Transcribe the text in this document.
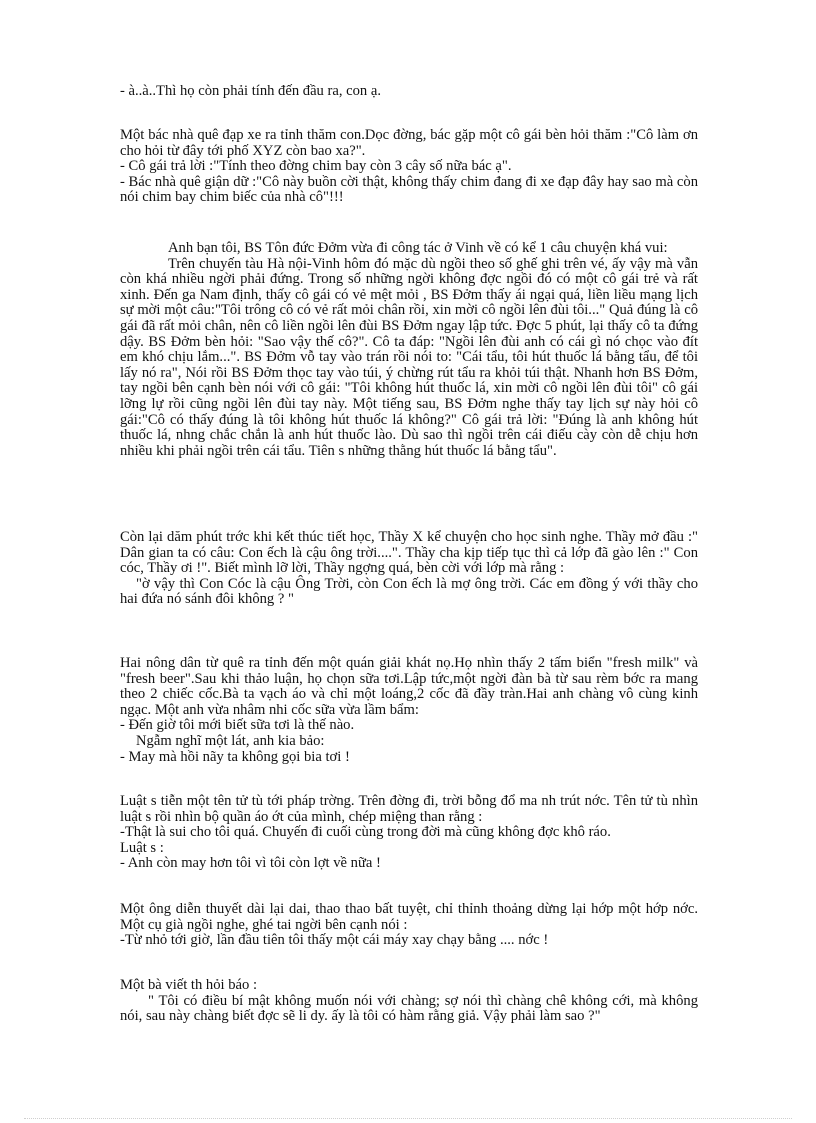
- à..à..Thì họ còn phải tính đến đầu ra, con ạ.

Một bác nhà quê đạp xe ra tỉnh thăm con.Dọc đờng, bác gặp một cô gái bèn hỏi thăm :"Cô làm ơn cho hỏi từ đây tới phố XYZ còn bao xa?".

- Cô gái trả lời :"Tính theo đờng chim bay còn 3 cây số nữa bác ạ".

- Bác nhà quê giận dữ :"Cô này buồn cời thật, không thấy chim đang đi xe đạp đây hay sao mà còn nói chim bay chim biếc của nhà cô"!!!

Anh bạn tôi, BS Tôn đức Đởm vừa đi công tác ở Vinh về có kể 1 câu chuyện khá vui:

Trên chuyến tàu Hà nội-Vinh hôm đó mặc dù ngồi theo số ghế ghi trên vé, ấy vậy mà vẫn còn khá nhiều ngời phải đứng. Trong số những ngời không đợc ngồi đó có một cô gái trẻ và rất xinh. Đến ga Nam định, thấy cô gái có vẻ mệt mỏi , BS Đởm thấy ái ngại quá, liền liều mạng lịch sự mời một câu:"Tôi trông cô có vẻ rất mỏi chân rồi, xin mời cô ngồi lên đùi tôi..." Quả đúng là cô gái đã rất mỏi chân, nên cô liền ngồi lên đùi BS Đởm ngay lập tức. Đợc 5 phút, lại thấy cô ta đứng dậy. BS Đởm bèn hỏi: "Sao vậy thế cô?". Cô ta đáp: "Ngồi lên đùi anh có cái gì nó chọc vào đít em khó chịu lắm...". BS Đởm vỗ tay vào trán rồi nói to: "Cái tẩu, tôi hút thuốc lá bằng tẩu, để tôi lấy nó ra", Nói rồi BS Đởm thọc tay vào túi, ý chừng rút tẩu ra khỏi túi thật. Nhanh hơn BS Đởm, tay ngồi bên cạnh bèn nói với cô gái: "Tôi không hút thuốc lá, xin mời cô ngồi lên đùi tôi" cô gái lỡng lự rồi cũng ngồi lên đùi tay này. Một tiếng sau, BS Đởm nghe thấy tay lịch sự này hỏi cô gái:"Cô có thấy đúng là tôi không hút thuốc lá không?" Cô gái trả lời: "Đúng là anh không hút thuốc lá, nhng chắc chắn là anh hút thuốc lào. Dù sao thì ngồi trên cái điếu cày còn dễ chịu hơn nhiều khi phải ngồi trên cái tẩu. Tiên s những thằng hút thuốc lá bằng tẩu".

Còn lại dăm phút trớc khi kết thúc tiết học, Thầy X kể chuyện cho học sinh nghe. Thầy mở đầu :" Dân gian ta có câu: Con ếch là cậu ông trời....". Thầy cha kịp tiếp tục thì cả lớp đã gào lên :" Con cóc, Thầy ơi !". Biết mình lỡ lời, Thầy ngợng quá, bèn cời với lớp mà rằng :

"ờ vậy thì Con Cóc là cậu Ông Trời, còn Con ếch là mợ ông trời. Các em đồng ý với thầy cho hai đứa nó sánh đôi không ? "

Hai nông dân từ quê ra tỉnh đến một quán giải khát nọ.Họ nhìn thấy 2 tấm biển "fresh milk" và "fresh beer".Sau khi thảo luận, họ chọn sữa tơi.Lập tức,một ngời đàn bà từ sau rèm bớc ra mang theo 2 chiếc cốc.Bà ta vạch áo và chỉ một loáng,2 cốc đã đầy tràn.Hai anh chàng vô cùng kinh ngạc. Một anh vừa nhâm nhi cốc sữa vừa lầm bẩm:

- Đến giờ tôi mới biết sữa tơi là thế nào.

Ngẫm nghĩ một lát, anh kia bảo:

- May mà hồi nãy ta không gọi bia tơi !

Luật s tiễn một tên tử tù tới pháp trờng. Trên đờng đi, trời bỗng đổ ma nh trút nớc. Tên tử tù nhìn luật s rồi nhìn bộ quần áo ớt của mình, chép miệng than rằng :

-Thật là sui cho tôi quá. Chuyến đi cuối cùng trong đời mà cũng không đợc khô ráo.

Luật s :

- Anh còn may hơn tôi vì tôi còn lợt về nữa !

Một ông diễn thuyết dài lại dai, thao thao bất tuyệt, chỉ thỉnh thoảng dừng lại hớp một hớp nớc. Một cụ già ngồi nghe, ghé tai ngời bên cạnh nói :

-Từ nhỏ tới giờ, lần đầu tiên tôi thấy một cái máy xay chạy bằng .... nớc !

Một bà viết th hỏi báo :

" Tôi có điều bí mật không muốn nói với chàng; sợ nói thì chàng chê không cới, mà không nói, sau này chàng biết đợc sẽ li dy. ấy là tôi có hàm rằng giả. Vậy phải làm sao ?"
